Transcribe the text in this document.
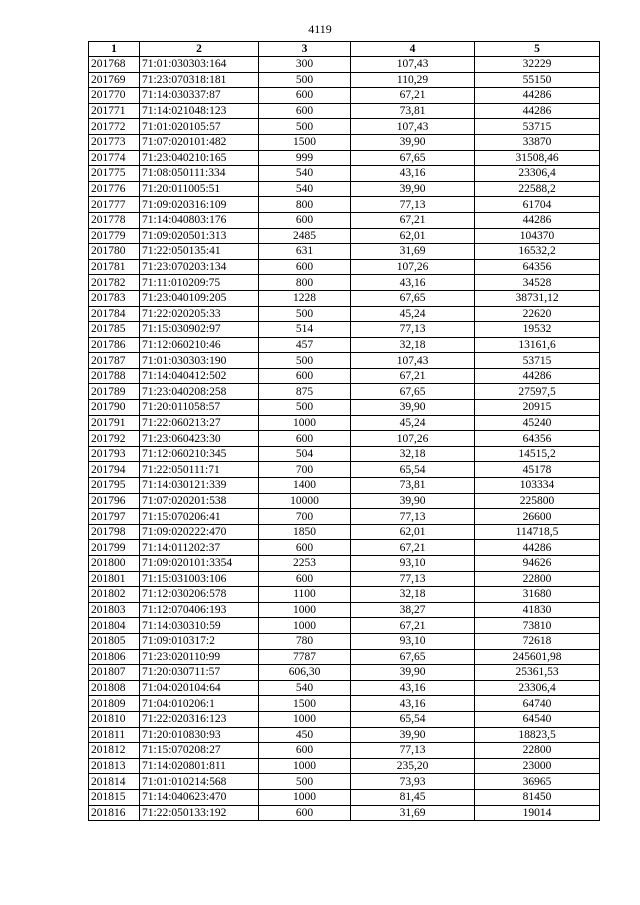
4119
1	2	3	4	5
201768	71:01:030303:164	300	107,43	32229
201769	71:23:070318:181	500	110,29	55150
201770	71:14:030337:87	600	67,21	44286
201771	71:14:021048:123	600	73,81	44286
201772	71:01:020105:57	500	107,43	53715
201773	71:07:020101:482	1500	39,90	33870
201774	71:23:040210:165	999	67,65	31508,46
201775	71:08:050111:334	540	43,16	23306,4
201776	71:20:011005:51	540	39,90	22588,2
201777	71:09:020316:109	800	77,13	61704
201778	71:14:040803:176	600	67,21	44286
201779	71:09:020501:313	2485	62,01	104370
201780	71:22:050135:41	631	31,69	16532,2
201781	71:23:070203:134	600	107,26	64356
201782	71:11:010209:75	800	43,16	34528
201783	71:23:040109:205	1228	67,65	38731,12
201784	71:22:020205:33	500	45,24	22620
201785	71:15:030902:97	514	77,13	19532
201786	71:12:060210:46	457	32,18	13161,6
201787	71:01:030303:190	500	107,43	53715
201788	71:14:040412:502	600	67,21	44286
201789	71:23:040208:258	875	67,65	27597,5
201790	71:20:011058:57	500	39,90	20915
201791	71:22:060213:27	1000	45,24	45240
201792	71:23:060423:30	600	107,26	64356
201793	71:12:060210:345	504	32,18	14515,2
201794	71:22:050111:71	700	65,54	45178
201795	71:14:030121:339	1400	73,81	103334
201796	71:07:020201:538	10000	39,90	225800
201797	71:15:070206:41	700	77,13	26600
201798	71:09:020222:470	1850	62,01	114718,5
201799	71:14:011202:37	600	67,21	44286
201800	71:09:020101:3354	2253	93,10	94626
201801	71:15:031003:106	600	77,13	22800
201802	71:12:030206:578	1100	32,18	31680
201803	71:12:070406:193	1000	38,27	41830
201804	71:14:030310:59	1000	67,21	73810
201805	71:09:010317:2	780	93,10	72618
201806	71:23:020110:99	7787	67,65	245601,98
201807	71:20:030711:57	606,30	39,90	25361,53
201808	71:04:020104:64	540	43,16	23306,4
201809	71:04:010206:1	1500	43,16	64740
201810	71:22:020316:123	1000	65,54	64540
201811	71:20:010830:93	450	39,90	18823,5
201812	71:15:070208:27	600	77,13	22800
201813	71:14:020801:811	1000	235,20	23000
201814	71:01:010214:568	500	73,93	36965
201815	71:14:040623:470	1000	81,45	81450
201816	71:22:050133:192	600	31,69	19014
